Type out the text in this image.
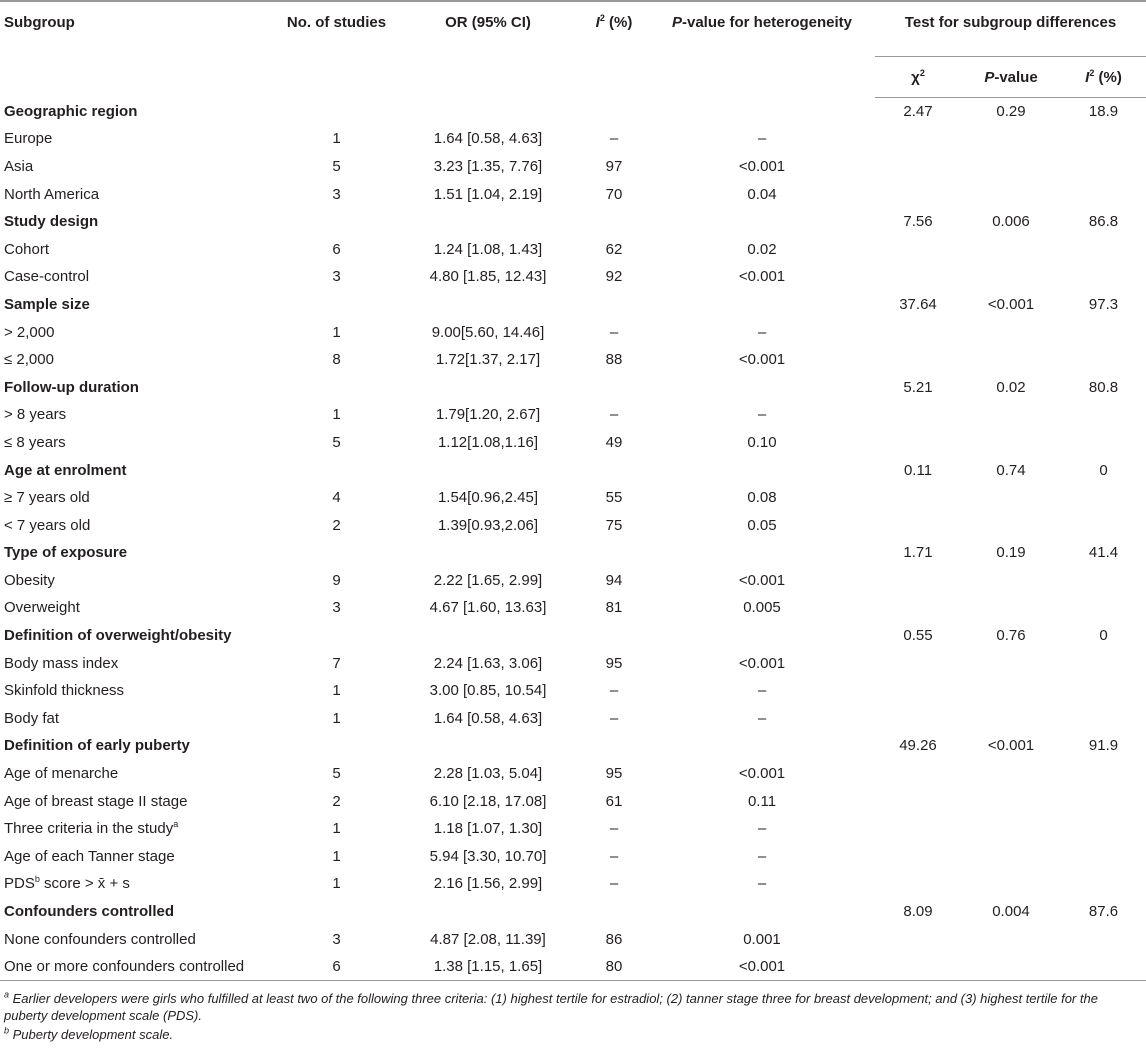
Subgroup	No. of studies	OR (95% CI)	$I^2$ (%)	P-value for heterogeneity	Test for subgroup differences		
					$\chi^2$	P-value	$I^2$ (%)
Geographic region					2.47	0.29	18.9
Europe	1	1.64 [0.58, 4.63]	–	–			
Asia	5	3.23 [1.35, 7.76]	97	<0.001			
North America	3	1.51 [1.04, 2.19]	70	0.04			
Study design					7.56	0.006	86.8
Cohort	6	1.24 [1.08, 1.43]	62	0.02			
Case-control	3	4.80 [1.85, 12.43]	92	<0.001			
Sample size					37.64	<0.001	97.3
> 2,000	1	9.00[5.60, 14.46]	–	–			
≤ 2,000	8	1.72[1.37, 2.17]	88	<0.001			
Follow-up duration					5.21	0.02	80.8
> 8 years	1	1.79[1.20, 2.67]	–	–			
≤ 8 years	5	1.12[1.08,1.16]	49	0.10			
Age at enrolment					0.11	0.74	0
≥ 7 years old	4	1.54[0.96,2.45]	55	0.08			
< 7 years old	2	1.39[0.93,2.06]	75	0.05			
Type of exposure					1.71	0.19	41.4
Obesity	9	2.22 [1.65, 2.99]	94	<0.001			
Overweight	3	4.67 [1.60, 13.63]	81	0.005			
Definition of overweight/obesity					0.55	0.76	0
Body mass index	7	2.24 [1.63, 3.06]	95	<0.001			
Skinfold thickness	1	3.00 [0.85, 10.54]	–	–			
Body fat	1	1.64 [0.58, 4.63]	–	–			
Definition of early puberty					49.26	<0.001	91.9
Age of menarche	5	2.28 [1.03, 5.04]	95	<0.001			
Age of breast stage II stage	2	6.10 [2.18, 17.08]	61	0.11			
Three criteria in the study$^a$	1	1.18 [1.07, 1.30]	–	–			
Age of each Tanner stage	1	5.94 [3.30, 10.70]	–	–			
PDS$^b$ score > x̄ + s	1	2.16 [1.56, 2.99]	–	–			
Confounders controlled					8.09	0.004	87.6
None confounders controlled	3	4.87 [2.08, 11.39]	86	0.001			
One or more confounders controlled	6	1.38 [1.15, 1.65]	80	<0.001			

$^a$ Earlier developers were girls who fulfilled at least two of the following three criteria: (1) highest tertile for estradiol; (2) tanner stage three for breast development; and (3) highest tertile for the puberty development scale (PDS).

$^b$ Puberty development scale.
